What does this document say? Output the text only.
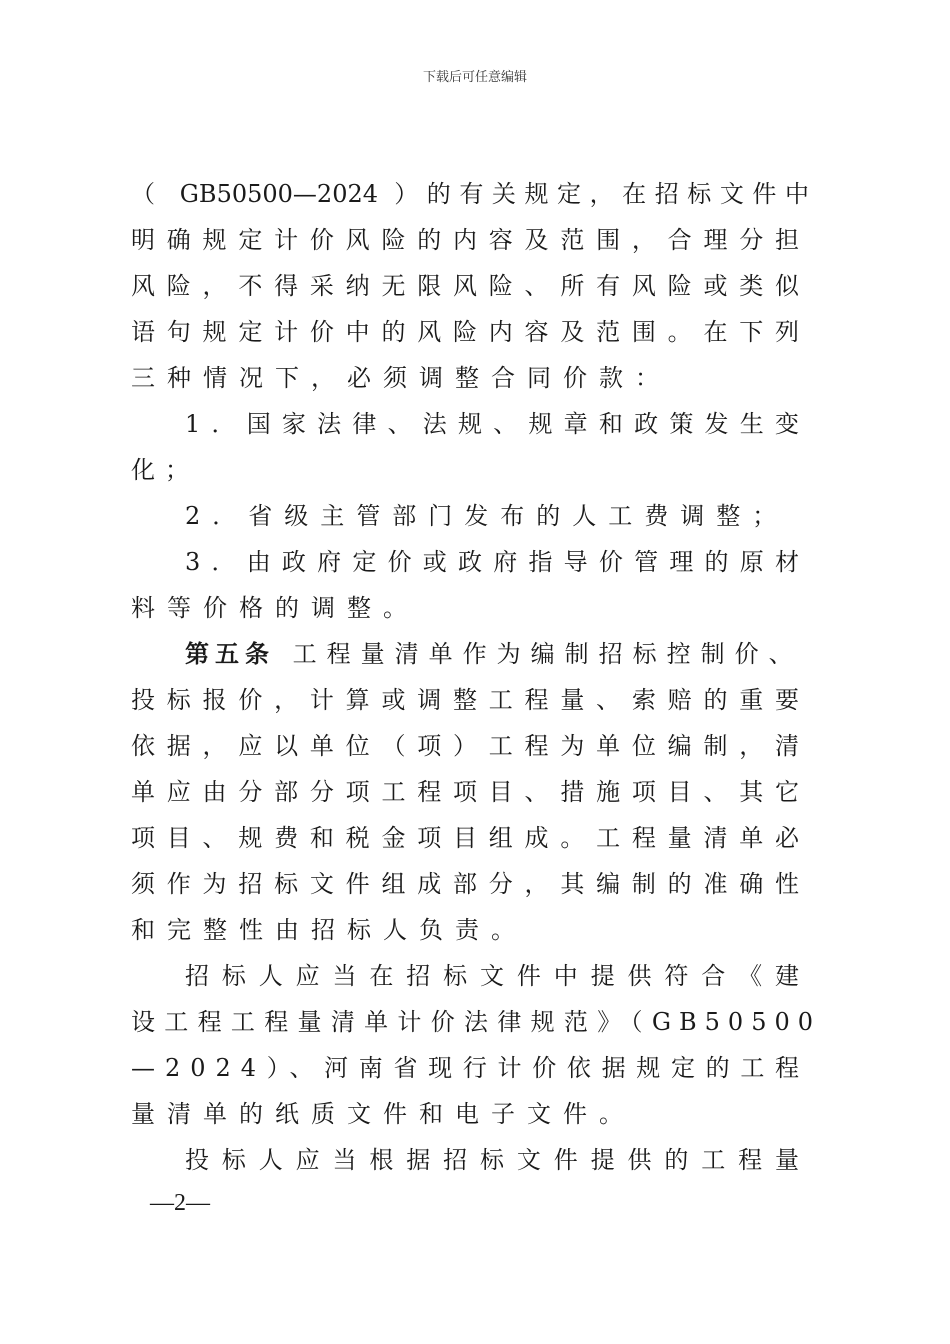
下载后可任意编辑
（ GB50500—2024 ）的有关规定，在招标文件中
明确规定计价风险的内容及范围，合理分担
风险，不得采纳无限风险、所有风险或类似
语句规定计价中的风险内容及范围。在下列
三种情况下，必须调整合同价款：
1．国家法律、法规、规章和政策发生变
化；
2．省级主管部门发布的人工费调整；
3．由政府定价或政府指导价管理的原材
料等价格的调整。
第五条 工程量清单作为编制招标控制价、
投标报价，计算或调整工程量、索赔的重要
依据，应以单位（项）工程为单位编制，清
单应由分部分项工程项目、措施项目、其它
项目、规费和税金项目组成。工程量清单必
须作为招标文件组成部分，其编制的准确性
和完整性由招标人负责。
招标人应当在招标文件中提供符合《建
设工程工程量清单计价法律规范》（GB50500
—2024）、河南省现行计价依据规定的工程
量清单的纸质文件和电子文件。
投标人应当根据招标文件提供的工程量
—2—
